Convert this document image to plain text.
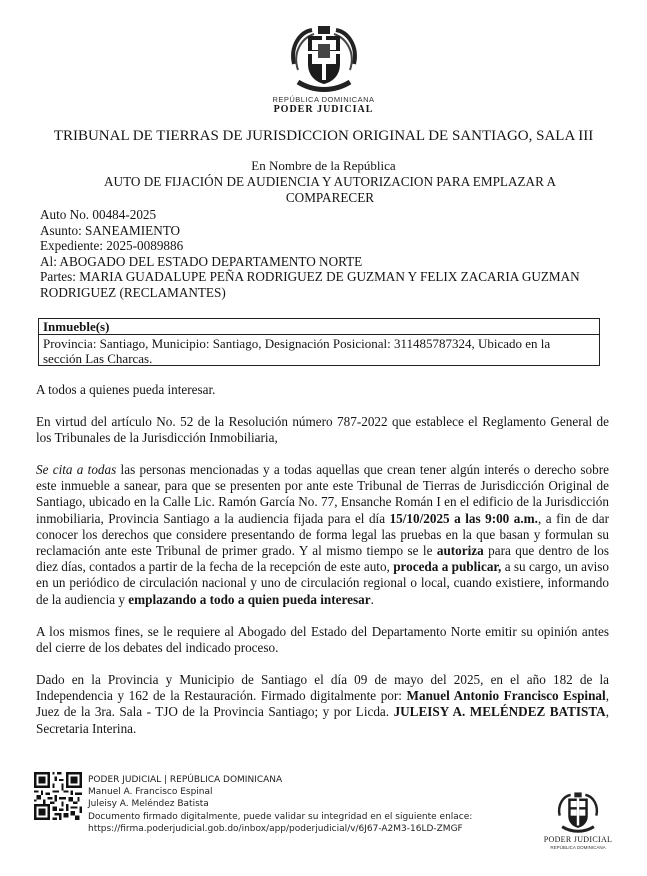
REPÚBLICA DOMINICANA
PODER JUDICIAL
TRIBUNAL DE TIERRAS DE JURISDICCION ORIGINAL DE SANTIAGO, SALA III
En Nombre de la República
AUTO DE FIJACIÓN DE AUDIENCIA Y AUTORIZACION PARA EMPLAZAR A
COMPARECER
Auto No. 00484-2025
Asunto: SANEAMIENTO
Expediente: 2025-0089886
Al: ABOGADO DEL ESTADO DEPARTAMENTO NORTE
Partes: MARIA GUADALUPE PEÑA RODRIGUEZ DE GUZMAN Y FELIX ZACARIA GUZMAN
RODRIGUEZ (RECLAMANTES)
Inmueble(s)
Provincia: Santiago, Municipio: Santiago, Designación Posicional: 311485787324, Ubicado en la
sección Las Charcas.
A todos a quienes pueda interesar.
En virtud del artículo No. 52 de la Resolución número 787-2022 que establece el Reglamento General de los Tribunales de la Jurisdicción Inmobiliaria,
Se cita a todas las personas mencionadas y a todas aquellas que crean tener algún interés o derecho sobre este inmueble a sanear, para que se presenten por ante este Tribunal de Tierras de Jurisdicción Original de Santiago, ubicado en la Calle Lic. Ramón García No. 77, Ensanche Román I en el edificio de la Jurisdicción inmobiliaria, Provincia Santiago a la audiencia fijada para el día 15/10/2025 a las 9:00 a.m., a fin de dar conocer los derechos que considere presentando de forma legal las pruebas en la que basan y formulan su reclamación ante este Tribunal de primer grado. Y al mismo tiempo se le autoriza para que dentro de los diez días, contados a partir de la fecha de la recepción de este auto, proceda a publicar, a su cargo, un aviso en un periódico de circulación nacional y uno de circulación regional o local, cuando existiere, informando de la audiencia y emplazando a todo a quien pueda interesar.
A los mismos fines, se le requiere al Abogado del Estado del Departamento Norte emitir su opinión antes del cierre de los debates del indicado proceso.
Dado en la Provincia y Municipio de Santiago el día 09 de mayo del 2025, en el año 182 de la Independencia y 162 de la Restauración. Firmado digitalmente por: Manuel Antonio Francisco Espinal, Juez de la 3ra. Sala - TJO de la Provincia Santiago; y por Licda. JULEISY A. MELÉNDEZ BATISTA, Secretaria Interina.
PODER JUDICIAL | REPÚBLICA DOMINICANA
Manuel A. Francisco Espinal
Juleisy A. Meléndez Batista
Documento firmado digitalmente, puede validar su integridad en el siguiente enlace:
https://firma.poderjudicial.gob.do/inbox/app/poderjudicial/v/6J67-A2M3-16LD-ZMGF
PODER JUDICIAL
REPÚBLICA DOMINICANA
